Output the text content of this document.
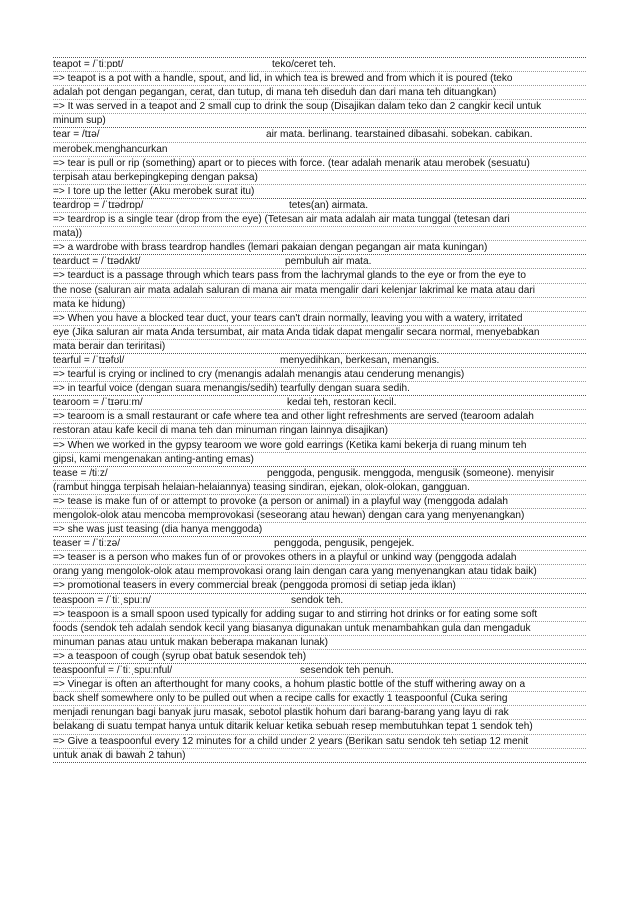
teapot = /ˈtiːpɒt/	teko/ceret teh.
=> teapot is a pot with a handle, spout, and lid, in which tea is brewed and from which it is poured (teko
adalah pot dengan pegangan, cerat, dan tutup, di mana teh diseduh dan dari mana teh dituangkan)
=> It was served in a teapot and 2 small cup to drink the soup (Disajikan dalam teko dan 2 cangkir kecil untuk
minum sup)
tear = /tɪə/	air mata. berlinang. tearstained dibasahi. sobekan. cabikan.
merobek.menghancurkan
=> tear is pull or rip (something) apart or to pieces with force. (tear adalah menarik atau merobek (sesuatu)
terpisah atau berkepingkeping dengan paksa)
=> I tore up the letter (Aku merobek surat itu)
teardrop = /ˈtɪədrɒp/	tetes(an) airmata.
=> teardrop is a single tear (drop from the eye) (Tetesan air mata adalah air mata tunggal (tetesan dari
mata))
=> a wardrobe with brass teardrop handles (lemari pakaian dengan pegangan air mata kuningan)
tearduct = /ˈtɪədʌkt/	pembuluh air mata.
=> tearduct is a passage through which tears pass from the lachrymal glands to the eye or from the eye to
the nose (saluran air mata adalah saluran di mana air mata mengalir dari kelenjar lakrimal ke mata atau dari
mata ke hidung)
=> When you have a blocked tear duct, your tears can't drain normally, leaving you with a watery, irritated
eye (Jika saluran air mata Anda tersumbat, air mata Anda tidak dapat mengalir secara normal, menyebabkan
mata berair dan teriritasi)
tearful = /ˈtɪəfʊl/	menyedihkan, berkesan, menangis.
=> tearful is crying or inclined to cry (menangis adalah menangis atau cenderung menangis)
=> in tearful voice (dengan suara menangis/sedih) tearfully dengan suara sedih.
tearoom = /ˈtɪəruːm/	kedai teh, restoran kecil.
=> tearoom is a small restaurant or cafe where tea and other light refreshments are served (tearoom adalah
restoran atau kafe kecil di mana teh dan minuman ringan lainnya disajikan)
=> When we worked in the gypsy tearoom we wore gold earrings (Ketika kami bekerja di ruang minum teh
gipsi, kami mengenakan anting-anting emas)
tease = /tiːz/	penggoda, pengusik. menggoda, mengusik (someone). menyisir
(rambut hingga terpisah helaian-helaiannya) teasing sindiran, ejekan, olok-olokan, gangguan.
=> tease is make fun of or attempt to provoke (a person or animal) in a playful way (menggoda adalah
mengolok-olok atau mencoba memprovokasi (seseorang atau hewan) dengan cara yang menyenangkan)
=> she was just teasing (dia hanya menggoda)
teaser = /ˈtiːzə/	penggoda, pengusik, pengejek.
=> teaser is a person who makes fun of or provokes others in a playful or unkind way (penggoda adalah
orang yang mengolok-olok atau memprovokasi orang lain dengan cara yang menyenangkan atau tidak baik)
=> promotional teasers in every commercial break (penggoda promosi di setiap jeda iklan)
teaspoon = /ˈtiːˌspuːn/	sendok teh.
=> teaspoon is a small spoon used typically for adding sugar to and stirring hot drinks or for eating some soft
foods (sendok teh adalah sendok kecil yang biasanya digunakan untuk menambahkan gula dan mengaduk
minuman panas atau untuk makan beberapa makanan lunak)
=> a teaspoon of cough (syrup obat batuk sesendok teh)
teaspoonful = /ˈtiːˌspuːnful/	sesendok teh penuh.
=> Vinegar is often an afterthought for many cooks, a hohum plastic bottle of the stuff withering away on a
back shelf somewhere only to be pulled out when a recipe calls for exactly 1 teaspoonful (Cuka sering
menjadi renungan bagi banyak juru masak, sebotol plastik hohum dari barang-barang yang layu di rak
belakang di suatu tempat hanya untuk ditarik keluar ketika sebuah resep membutuhkan tepat 1 sendok teh)
=> Give a teaspoonful every 12 minutes for a child under 2 years (Berikan satu sendok teh setiap 12 menit
untuk anak di bawah 2 tahun)
